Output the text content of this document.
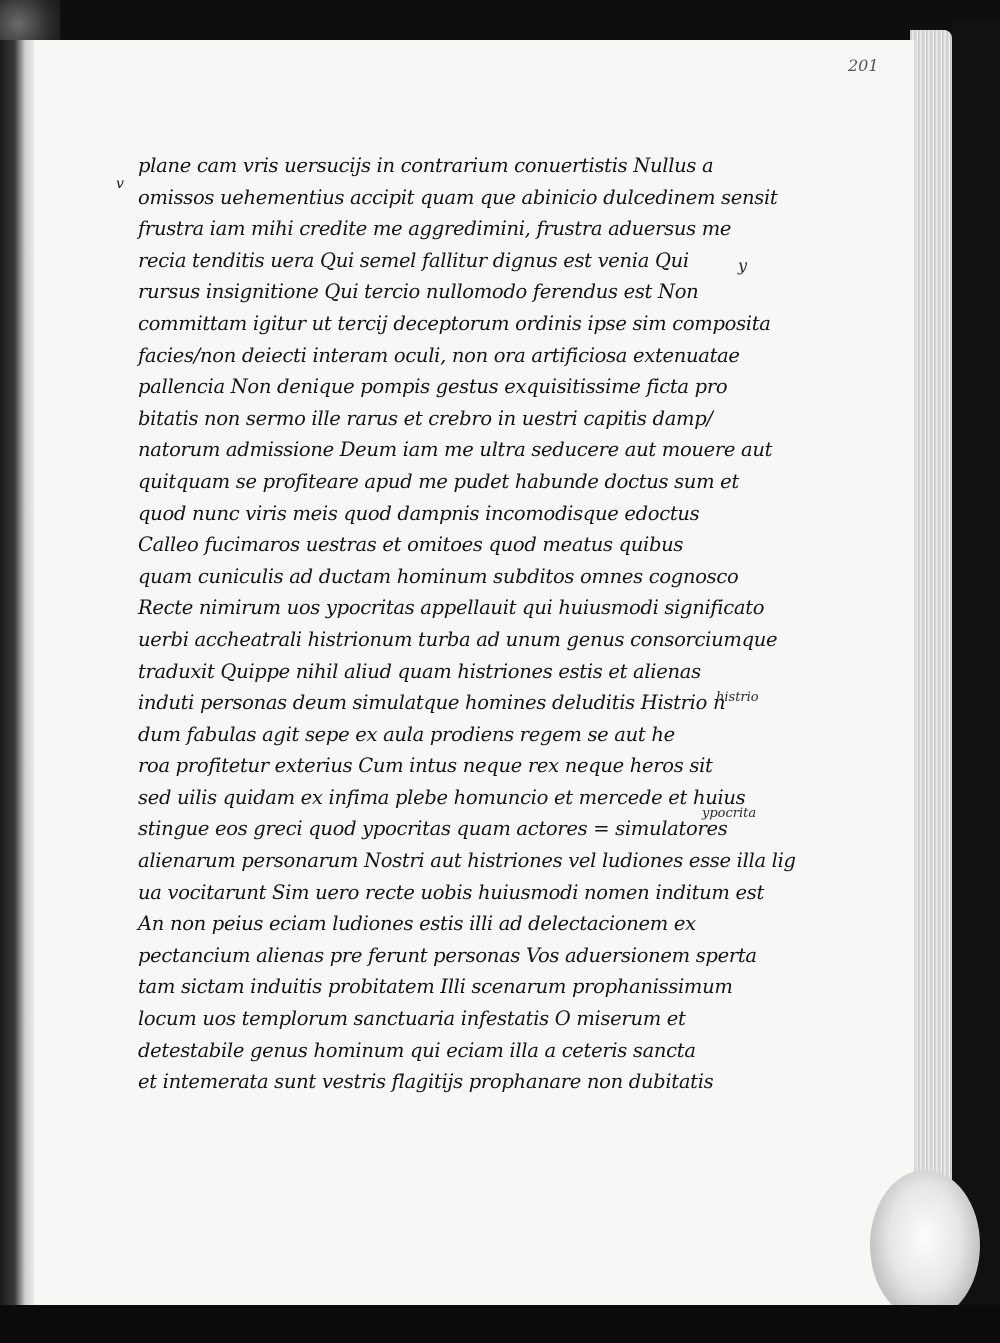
201
v
plane cam vris uersucijs in contrarium conuertistis Nullus a
omissos uehementius accipit quam que abinicio dulcedinem sensit
frustra iam mihi credite me aggredimini, frustra aduersus me
recia tenditis uera Qui semel fallitur dignus est venia Qui
rursus insignitione Qui tercio nullomodo ferendus est Non
committam igitur ut tercij deceptorum ordinis ipse sim composita
facies/non deiecti interam oculi, non ora artificiosa extenuatae
pallencia Non denique pompis gestus exquisitissime ficta pro
bitatis non sermo ille rarus et crebro in uestri capitis damp/
natorum admissione Deum iam me ultra seducere aut mouere aut
quitquam se profiteare apud me pudet habunde doctus sum et
quod nunc viris meis quod dampnis incomodisque edoctus
Calleo fucimaros uestras et omitoes quod meatus quibus
quam cuniculis ad ductam hominum subditos omnes cognosco
Recte nimirum uos ypocritas appellauit qui huiusmodi significato
uerbi accheatrali histrionum turba ad unum genus consorciumque
traduxit Quippe nihil aliud quam histriones estis et alienas
induti personas deum simulatque homines deluditis Histrio n
dum fabulas agit sepe ex aula prodiens regem se aut he
roa profitetur exterius Cum intus neque rex neque heros sit
sed uilis quidam ex infima plebe homuncio et mercede et huius
stingue eos greci quod ypocritas quam actores = simulatores
alienarum personarum Nostri aut histriones vel ludiones esse illa lig
ua vocitarunt Sim uero recte uobis huiusmodi nomen inditum est
An non peius eciam ludiones estis illi ad delectacionem ex
pectancium alienas pre ferunt personas Vos aduersionem sperta
tam sictam induitis probitatem Illi scenarum prophanissimum
locum uos templorum sanctuaria infestatis O miserum et
detestabile genus hominum qui eciam illa a ceteris sancta
et intemerata sunt vestris flagitijs prophanare non dubitatis
y
histrio
ypocrita
